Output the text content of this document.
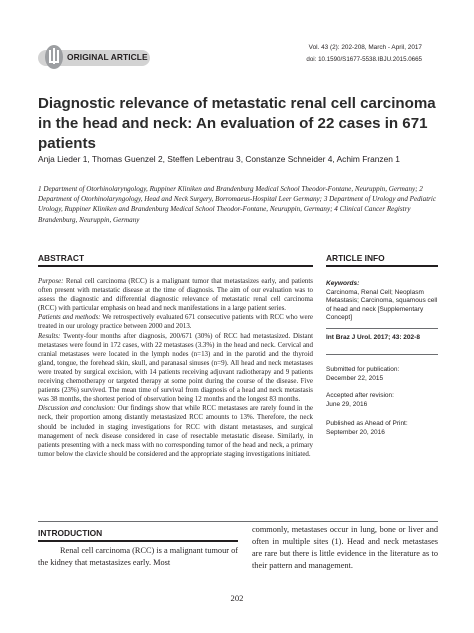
ORIGINAL ARTICLE
Vol. 43 (2): 202-208, March - April, 2017
doi: 10.1590/S1677-5538.IBJU.2015.0665
Diagnostic relevance of metastatic renal cell carcinoma in the head and neck: An evaluation of 22 cases in 671 patients
Anja Lieder 1, Thomas Guenzel 2, Steffen Lebentrau 3, Constanze Schneider 4, Achim Franzen 1
1 Department of Otorhinolaryngology, Ruppiner Kliniken and Brandenburg Medical School Theodor-Fontane, Neuruppin, Germany; 2 Department of Otorhinolaryngology, Head and Neck Surgery, Borromaeus-Hospital Leer Germany; 3 Department of Urology and Pediatric Urology, Ruppiner Kliniken and Brandenburg Medical School Theodor-Fontane, Neuruppin, Germany; 4 Clinical Cancer Registry Brandenburg, Neuruppin, Germany
ABSTRACT	ARTICLE INFO

Purpose: Renal cell carcinoma (RCC) is a malignant tumor that metastasizes early, and patients often present with metastatic disease at the time of diagnosis. The aim of our evaluation was to assess the diagnostic and differential diagnostic relevance of metastatic renal cell carcinoma (RCC) with particular emphasis on head and neck manifestations in a large patient series.

Patients and methods: We retrospectively evaluated 671 consecutive patients with RCC who were treated in our urology practice between 2000 and 2013.

Results: Twenty-four months after diagnosis, 200/671 (30%) of RCC had metastasized. Distant metastases were found in 172 cases, with 22 metastases (3.3%) in the head and neck. Cervical and cranial metastases were located in the lymph nodes (n=13) and in the parotid and the thyroid gland, tongue, the forehead skin, skull, and paranasal sinuses (n=9). All head and neck metastases were treated by surgical excision, with 14 patients receiving adjuvant radiotherapy and 9 patients receiving chemotherapy or targeted therapy at some point during the course of the disease. Five patients (23%) survived. The mean time of survival from diagnosis of a head and neck metastasis was 38 months, the shortest period of observation being 12 months and the longest 83 months.

Discussion and conclusion: Our findings show that while RCC metastases are rarely found in the neck, their proportion among distantly metastasized RCC amounts to 13%. Therefore, the neck should be included in staging investigations for RCC with distant metastases, and surgical management of neck disease considered in case of resectable metastatic disease. Similarly, in patients presenting with a neck mass with no corresponding tumor of the head and neck, a primary tumor below the clavicle should be considered and the appropriate staging investigations initiated.

Keywords:
Carcinoma, Renal Cell; Neoplasm Metastasis; Carcinoma, squamous cell of head and neck [Supplementary Concept]
Int Braz J Urol. 2017; 43: 202-8
Submitted for publication:
December 22, 2015
Accepted after revision:
June 29, 2016
Published as Ahead of Print:
September 20, 2016
INTRODUCTION
Renal cell carcinoma (RCC) is a malignant tumour of the kidney that metastasizes early. Most
commonly, metastases occur in lung, bone or liver and often in multiple sites (1). Head and neck metastases are rare but there is little evidence in the literature as to their pattern and management.
202
